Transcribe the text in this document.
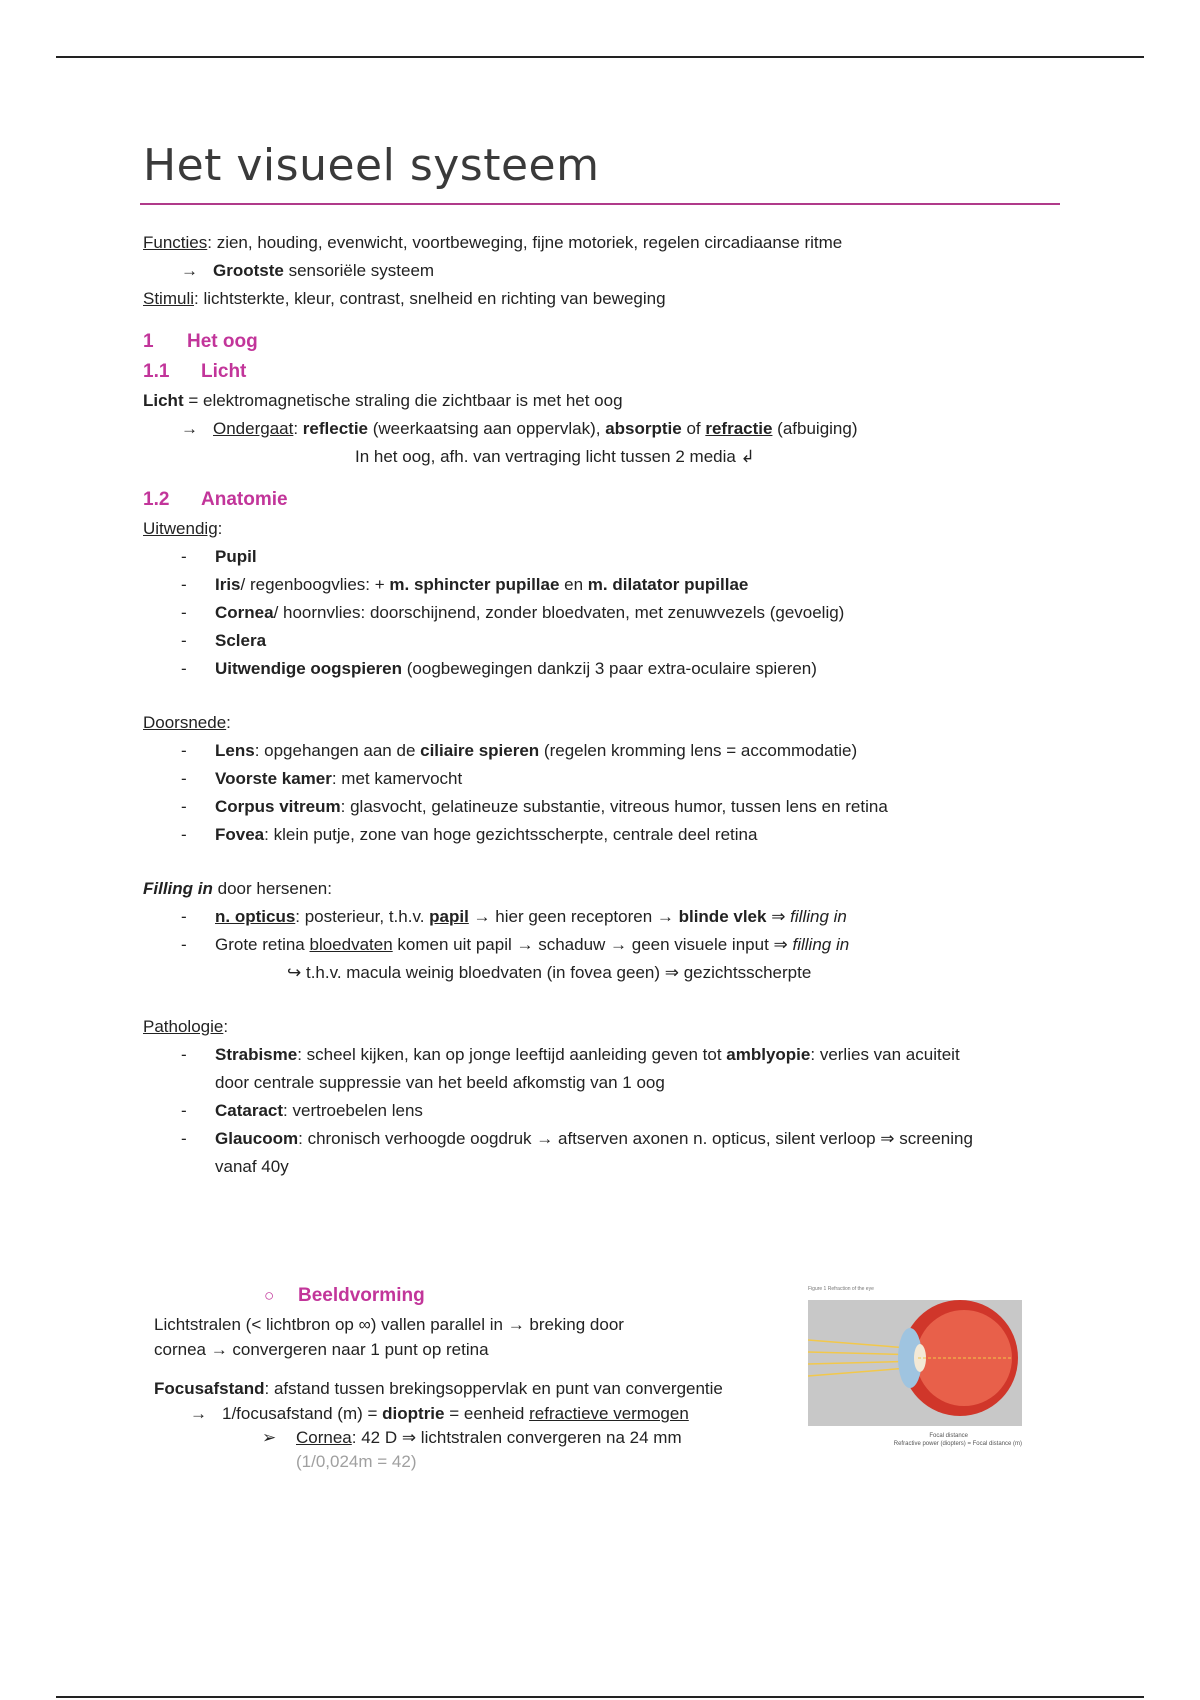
Het visueel systeem
Functies: zien, houding, evenwicht, voortbeweging, fijne motoriek, regelen circadiaanse ritme
→ Grootste sensoriële systeem
Stimuli: lichtsterkte, kleur, contrast, snelheid en richting van beweging
1 Het oog
1.1 Licht
Licht = elektromagnetische straling die zichtbaar is met het oog
→ Ondergaat: reflectie (weerkaatsing aan oppervlak), absorptie of refractie (afbuiging)
In het oog, afh. van vertraging licht tussen 2 media ↲
1.2 Anatomie
Uitwendig:
- Pupil
- Iris/ regenboogvlies: + m. sphincter pupillae en m. dilatator pupillae
- Cornea/ hoornvlies: doorschijnend, zonder bloedvaten, met zenuwvezels (gevoelig)
- Sclera
- Uitwendige oogspieren (oogbewegingen dankzij 3 paar extra-oculaire spieren)
Doorsnede:
- Lens: opgehangen aan de ciliaire spieren (regelen kromming lens = accommodatie)
- Voorste kamer: met kamervocht
- Corpus vitreum: glasvocht, gelatineuze substantie, vitreous humor, tussen lens en retina
- Fovea: klein putje, zone van hoge gezichtsscherpte, centrale deel retina
Filling in door hersenen:
- n. opticus: posterieur, t.h.v. papil → hier geen receptoren → blinde vlek ⇒ filling in
- Grote retina bloedvaten komen uit papil → schaduw → geen visuele input ⇒ filling in
↪ t.h.v. macula weinig bloedvaten (in fovea geen) ⇒ gezichtsscherpte
Pathologie:
- Strabisme: scheel kijken, kan op jonge leeftijd aanleiding geven tot amblyopie: verlies van acuiteit
door centrale suppressie van het beeld afkomstig van 1 oog
- Cataract: vertroebelen lens
- Glaucoom: chronisch verhoogde oogdruk → aftserven axonen n. opticus, silent verloop ⇒ screening
vanaf 40y
○ Beeldvorming
Lichtstralen (< lichtbron op ∞) vallen parallel in → breking door
cornea → convergeren naar 1 punt op retina
Focusafstand: afstand tussen brekingsoppervlak en punt van convergentie
→ 1/focusafstand (m) = dioptrie = eenheid refractieve vermogen
➢ Cornea: 42 D ⇒ lichtstralen convergeren na 24 mm
(1/0,024m = 42)
Figure 1 Refraction of the eye
Focal distance
Refractive power (diopters) = Focal distance (m)
